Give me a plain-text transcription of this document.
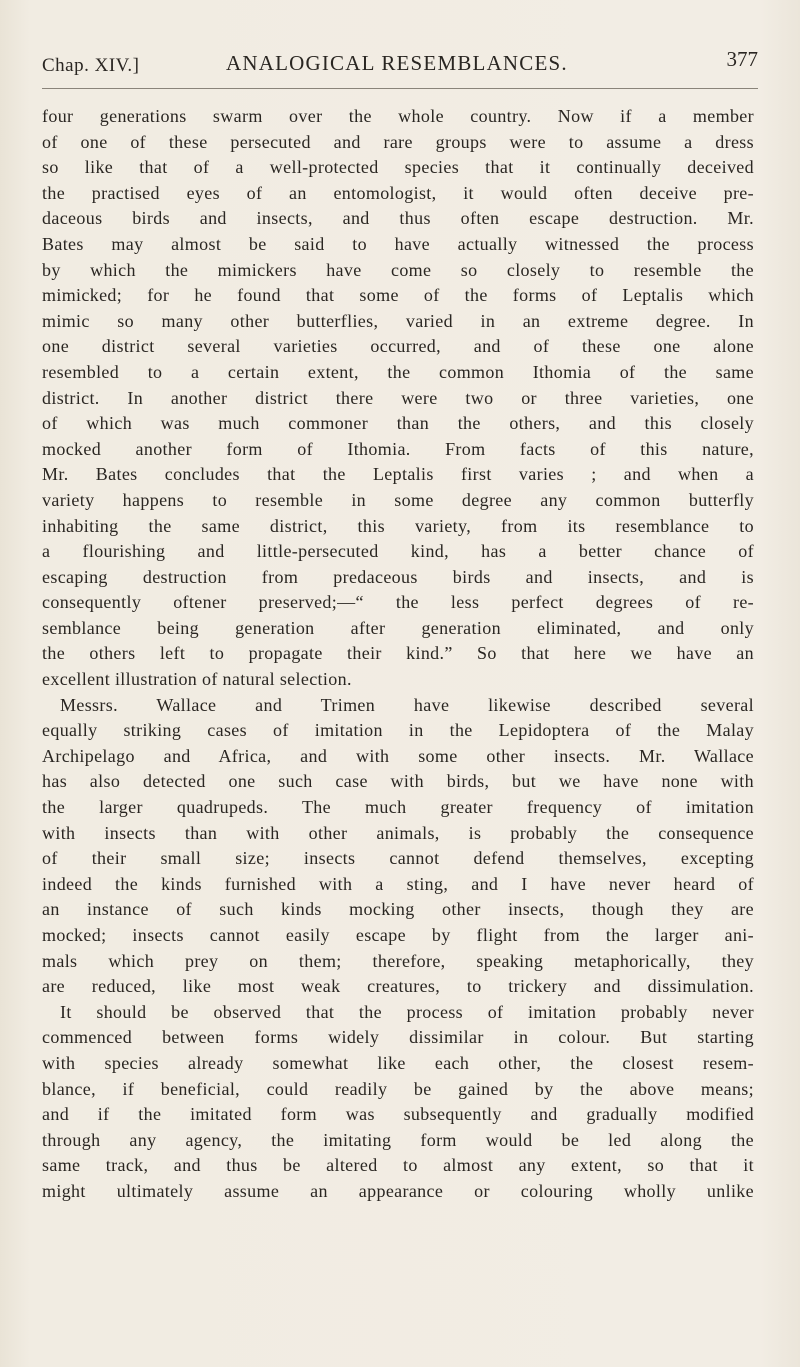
Chap. XIV.]	ANALOGICAL RESEMBLANCES.	377
four generations swarm over the whole country. Now if a member
of one of these persecuted and rare groups were to assume a dress
so like that of a well-protected species that it continually deceived
the practised eyes of an entomologist, it would often deceive pre-
daceous birds and insects, and thus often escape destruction. Mr.
Bates may almost be said to have actually witnessed the process
by which the mimickers have come so closely to resemble the
mimicked; for he found that some of the forms of Leptalis which
mimic so many other butterflies, varied in an extreme degree. In
one district several varieties occurred, and of these one alone
resembled to a certain extent, the common Ithomia of the same
district. In another district there were two or three varieties, one
of which was much commoner than the others, and this closely
mocked another form of Ithomia. From facts of this nature,
Mr. Bates concludes that the Leptalis first varies ; and when a
variety happens to resemble in some degree any common butterfly
inhabiting the same district, this variety, from its resemblance to
a flourishing and little-persecuted kind, has a better chance of
escaping destruction from predaceous birds and insects, and is
consequently oftener preserved;—“ the less perfect degrees of re-
semblance being generation after generation eliminated, and only
the others left to propagate their kind.” So that here we have an
excellent illustration of natural selection.
Messrs. Wallace and Trimen have likewise described several
equally striking cases of imitation in the Lepidoptera of the Malay
Archipelago and Africa, and with some other insects. Mr. Wallace
has also detected one such case with birds, but we have none with
the larger quadrupeds. The much greater frequency of imitation
with insects than with other animals, is probably the consequence
of their small size; insects cannot defend themselves, excepting
indeed the kinds furnished with a sting, and I have never heard of
an instance of such kinds mocking other insects, though they are
mocked; insects cannot easily escape by flight from the larger ani-
mals which prey on them; therefore, speaking metaphorically, they
are reduced, like most weak creatures, to trickery and dissimulation.
It should be observed that the process of imitation probably never
commenced between forms widely dissimilar in colour. But starting
with species already somewhat like each other, the closest resem-
blance, if beneficial, could readily be gained by the above means;
and if the imitated form was subsequently and gradually modified
through any agency, the imitating form would be led along the
same track, and thus be altered to almost any extent, so that it
might ultimately assume an appearance or colouring wholly unlike
